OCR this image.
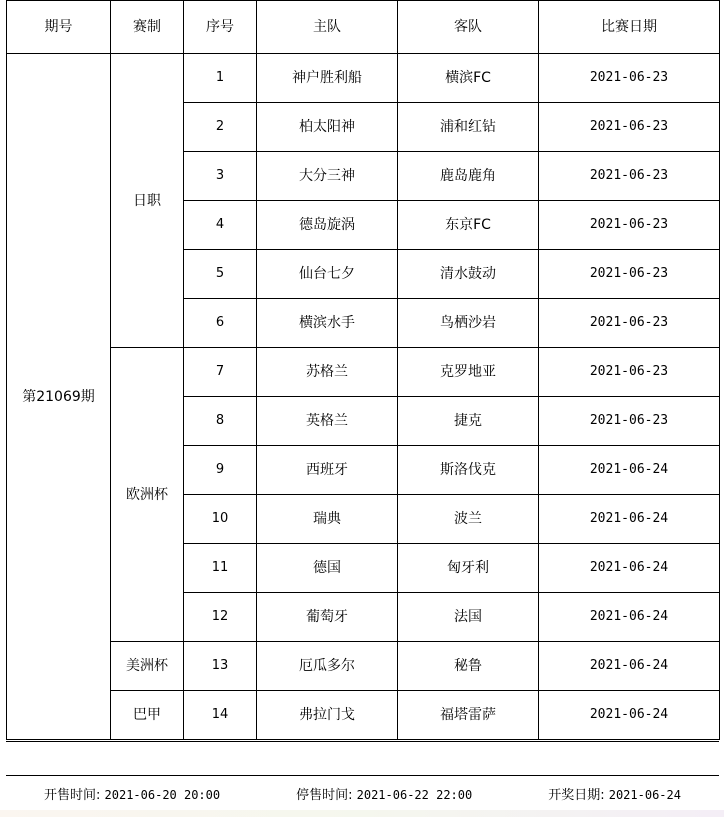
期号	赛制	序号	主队	客队	比赛日期
第21069期	日职	1	神户胜利船	横滨FC	2021-06-23
		2	柏太阳神	浦和红钻	2021-06-23
		3	大分三神	鹿岛鹿角	2021-06-23
		4	德岛旋涡	东京FC	2021-06-23
		5	仙台七夕	清水鼓动	2021-06-23
		6	横滨水手	鸟栖沙岩	2021-06-23
	欧洲杯	7	苏格兰	克罗地亚	2021-06-23
		8	英格兰	捷克	2021-06-23
		9	西班牙	斯洛伐克	2021-06-24
		10	瑞典	波兰	2021-06-24
		11	德国	匈牙利	2021-06-24
		12	葡萄牙	法国	2021-06-24
	美洲杯	13	厄瓜多尔	秘鲁	2021-06-24
	巴甲	14	弗拉门戈	福塔雷萨	2021-06-24
开售时间: 2021-06-20 20:00	停售时间: 2021-06-22 22:00	开奖日期: 2021-06-24
